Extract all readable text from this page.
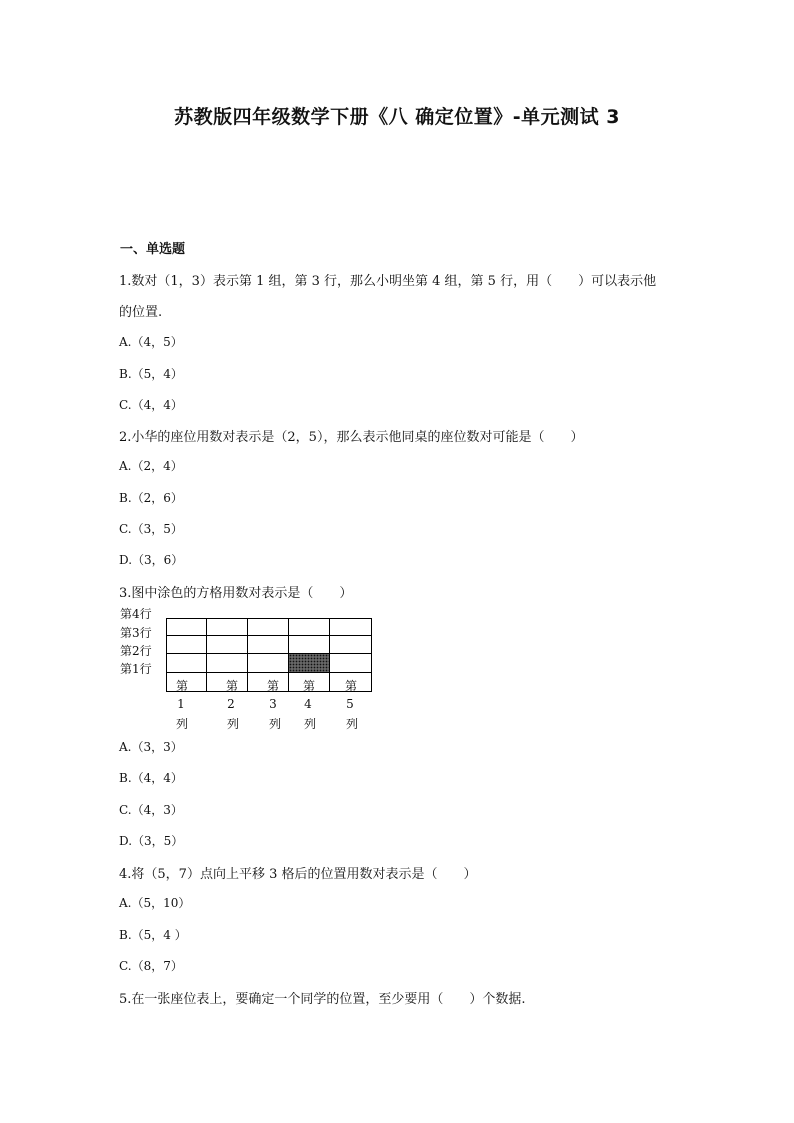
苏教版四年级数学下册《八 确定位置》-单元测试 3
一、单选题
1.数对（1，3）表示第 1 组，第 3 行，那么小明坐第 4 组，第 5 行，用（　　）可以表示他
的位置.
A.（4，5）
B.（5，4）
C.（4，4）
2.小华的座位用数对表示是（2，5），那么表示他同桌的座位数对可能是（　　）
A.（2，4）
B.（2，6）
C.（3，5）
D.（3，6）
3.图中涂色的方格用数对表示是（　　）
第4行
第3行
第2行
第1行
第	第	第	第	第
1	2	3	4	5
列	列	列	列	列
A.（3，3）
B.（4，4）
C.（4，3）
D.（3，5）
4.将（5，7）点向上平移 3 格后的位置用数对表示是（　　）
A.（5，10）
B.（5，4 ）
C.（8，7）
5.在一张座位表上，要确定一个同学的位置，至少要用（　　）个数据.
